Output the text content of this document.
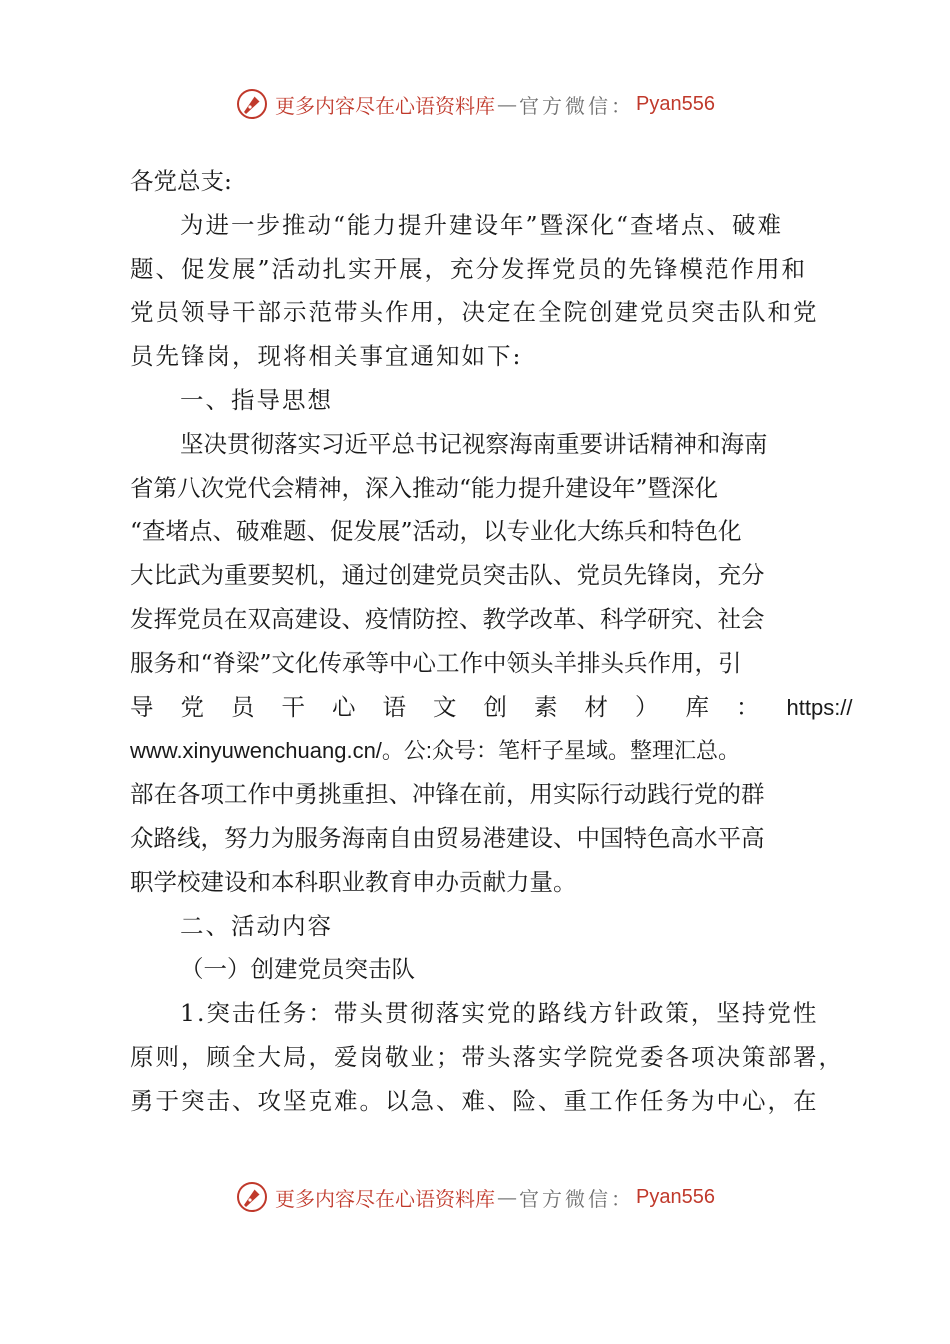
更多内容尽在心语资料库 — 官方微信： Pyan556
各党总支:
为进一步推动“能力提升建设年”暨深化“查堵点、破难
题、促发展”活动扎实开展，充分发挥党员的先锋模范作用和
党员领导干部示范带头作用，决定在全院创建党员突击队和党
员先锋岗，现将相关事宜通知如下:
一、指导思想
坚决贯彻落实习近平总书记视察海南重要讲话精神和海南
省第八次党代会精神，深入推动“能力提升建设年”暨深化
“查堵点、破难题、促发展”活动，以专业化大练兵和特色化
大比武为重要契机，通过创建党员突击队、党员先锋岗，充分
发挥党员在双高建设、疫情防控、教学改革、科学研究、社会
服务和“脊梁”文化传承等中心工作中领头羊排头兵作用，引
导党员干心语文创素材）库： https://
www.xinyuwenchuang.cn/。公:众号：笔杆子星域。整理汇总。
部在各项工作中勇挑重担、冲锋在前，用实际行动践行党的群
众路线，努力为服务海南自由贸易港建设、中国特色高水平高
职学校建设和本科职业教育申办贡献力量。
二、活动内容
（一）创建党员突击队
1.突击任务：带头贯彻落实党的路线方针政策，坚持党性
原则，顾全大局，爱岗敬业；带头落实学院党委各项决策部署，
勇于突击、攻坚克难。以急、难、险、重工作任务为中心，在
更多内容尽在心语资料库 — 官方微信： Pyan556
